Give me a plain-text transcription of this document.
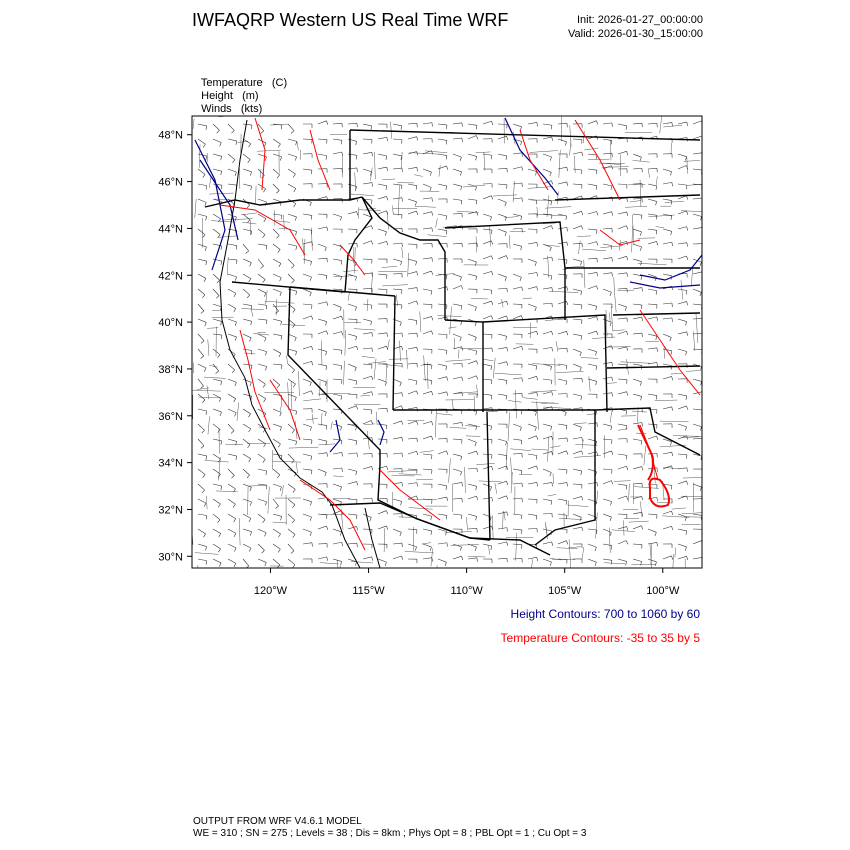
IWFAQRP Western US Real Time WRF	Init: 2026-01-27_00:00:00
Valid: 2026-01-30_15:00:00

Temperature (C)

Height (m)

Winds (kts)

48°N
46°N
44°N
42°N
40°N
38°N
36°N
34°N
32°N
30°N
120°W	115°W	110°W	105°W	100°W
Height Contours: 700 to 1060 by 60
Temperature Contours: -35 to 35 by 5
OUTPUT FROM WRF V4.6.1 MODEL
WE = 310 ; SN = 275 ; Levels = 38 ; Dis = 8km ; Phys Opt = 8 ; PBL Opt = 1 ; Cu Opt = 3
